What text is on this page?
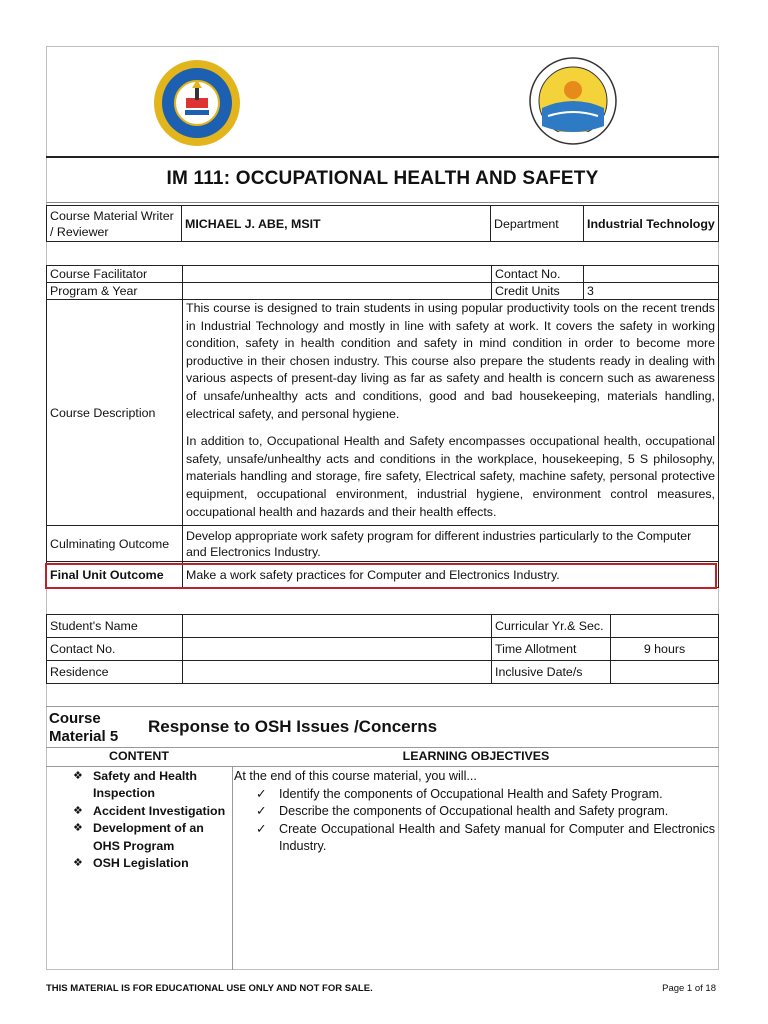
IM 111: OCCUPATIONAL HEALTH AND SAFETY
Course Material Writer / Reviewer	MICHAEL J. ABE, MSIT	Department	Industrial Technology
Course Facilitator		Contact No.	
Program & Year		Credit Units	3
Course Description	This course is designed to train students in using popular productivity tools on the recent trends in Industrial Technology and mostly in line with safety at work. It covers the safety in working condition, safety in health condition and safety in mind condition in order to become more productive in their chosen industry. This course also prepare the students ready in dealing with various aspects of present-day living as far as safety and health is concern such as awareness of unsafe/unhealthy acts and conditions, good and bad housekeeping, materials handling, electrical safety, and personal hygiene.
In addition to, Occupational Health and Safety encompasses occupational health, occupational safety, unsafe/unhealthy acts and conditions in the workplace, housekeeping, 5 S philosophy, materials handling and storage, fire safety, Electrical safety, machine safety, personal protective equipment, occupational environment, industrial hygiene, environment control measures, occupational health and hazards and their health effects.		

Culminating Outcome	Develop appropriate work safety program for different industries particularly to the Computer and Electronics Industry.		
Final Unit Outcome	Make a work safety practices for Computer and Electronics Industry.		
Student's Name		Curricular Yr.& Sec.	
Contact No.		Time Allotment	9 hours
Residence		Inclusive Date/s	
Course
Material 5
Response to OSH Issues /Concerns
CONTENT	LEARNING OBJECTIVES
❖ Safety and Health Inspection
❖ Accident Investigation
❖ Development of an OHS Program
❖ OSH Legislation
At the end of this course material, you will...
✓ Identify the components of Occupational Health and Safety Program.
✓ Describe the components of Occupational health and Safety program.
✓ Create Occupational Health and Safety manual for Computer and Electronics Industry.
THIS MATERIAL IS FOR EDUCATIONAL USE ONLY AND NOT FOR SALE.	Page 1 of 18
